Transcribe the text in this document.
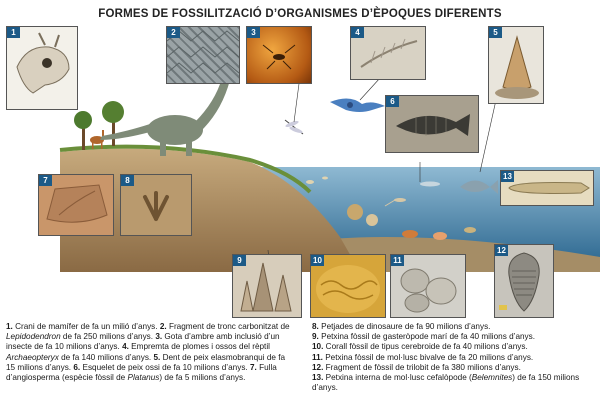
FORMES DE FOSSILITZACIÓ D’ORGANISMES D’ÈPOQUES DIFERENTS
1	2	3	4	5
6
7	8	13
9	10	11
12

1. Crani de mamífer de fa un milió d’anys. 2. Fragment de tronc carbonitzat de Lepidodendron de fa 250 milions d’anys. 3. Gota d’ambre amb inclusió d’un insecte de fa 10 milions d’anys. 4. Empremta de plomes i ossos del rèptil Archaeopteryx de fa 140 milions d’anys. 5. Dent de peix elasmobranqui de fa 15 milions d’anys. 6. Esquelet de peix ossi de fa 10 milions d’anys. 7. Fulla d’angiosperma (espècie fòssil de Platanus) de fa 5 milions d’anys.

8. Petjades de dinosaure de fa 90 milions d’anys.

9. Petxina fòssil de gasteròpode marí de fa 40 milions d’anys.

10. Corall fòssil de tipus cerebroide de fa 40 milions d’anys.

11. Petxina fòssil de mol·lusc bivalve de fa 20 milions d’anys.

12. Fragment de fòssil de trilobit de fa 380 milions d’anys.

13. Petxina interna de mol·lusc cefalòpode (Belemnites) de fa 150 milions d’anys.
